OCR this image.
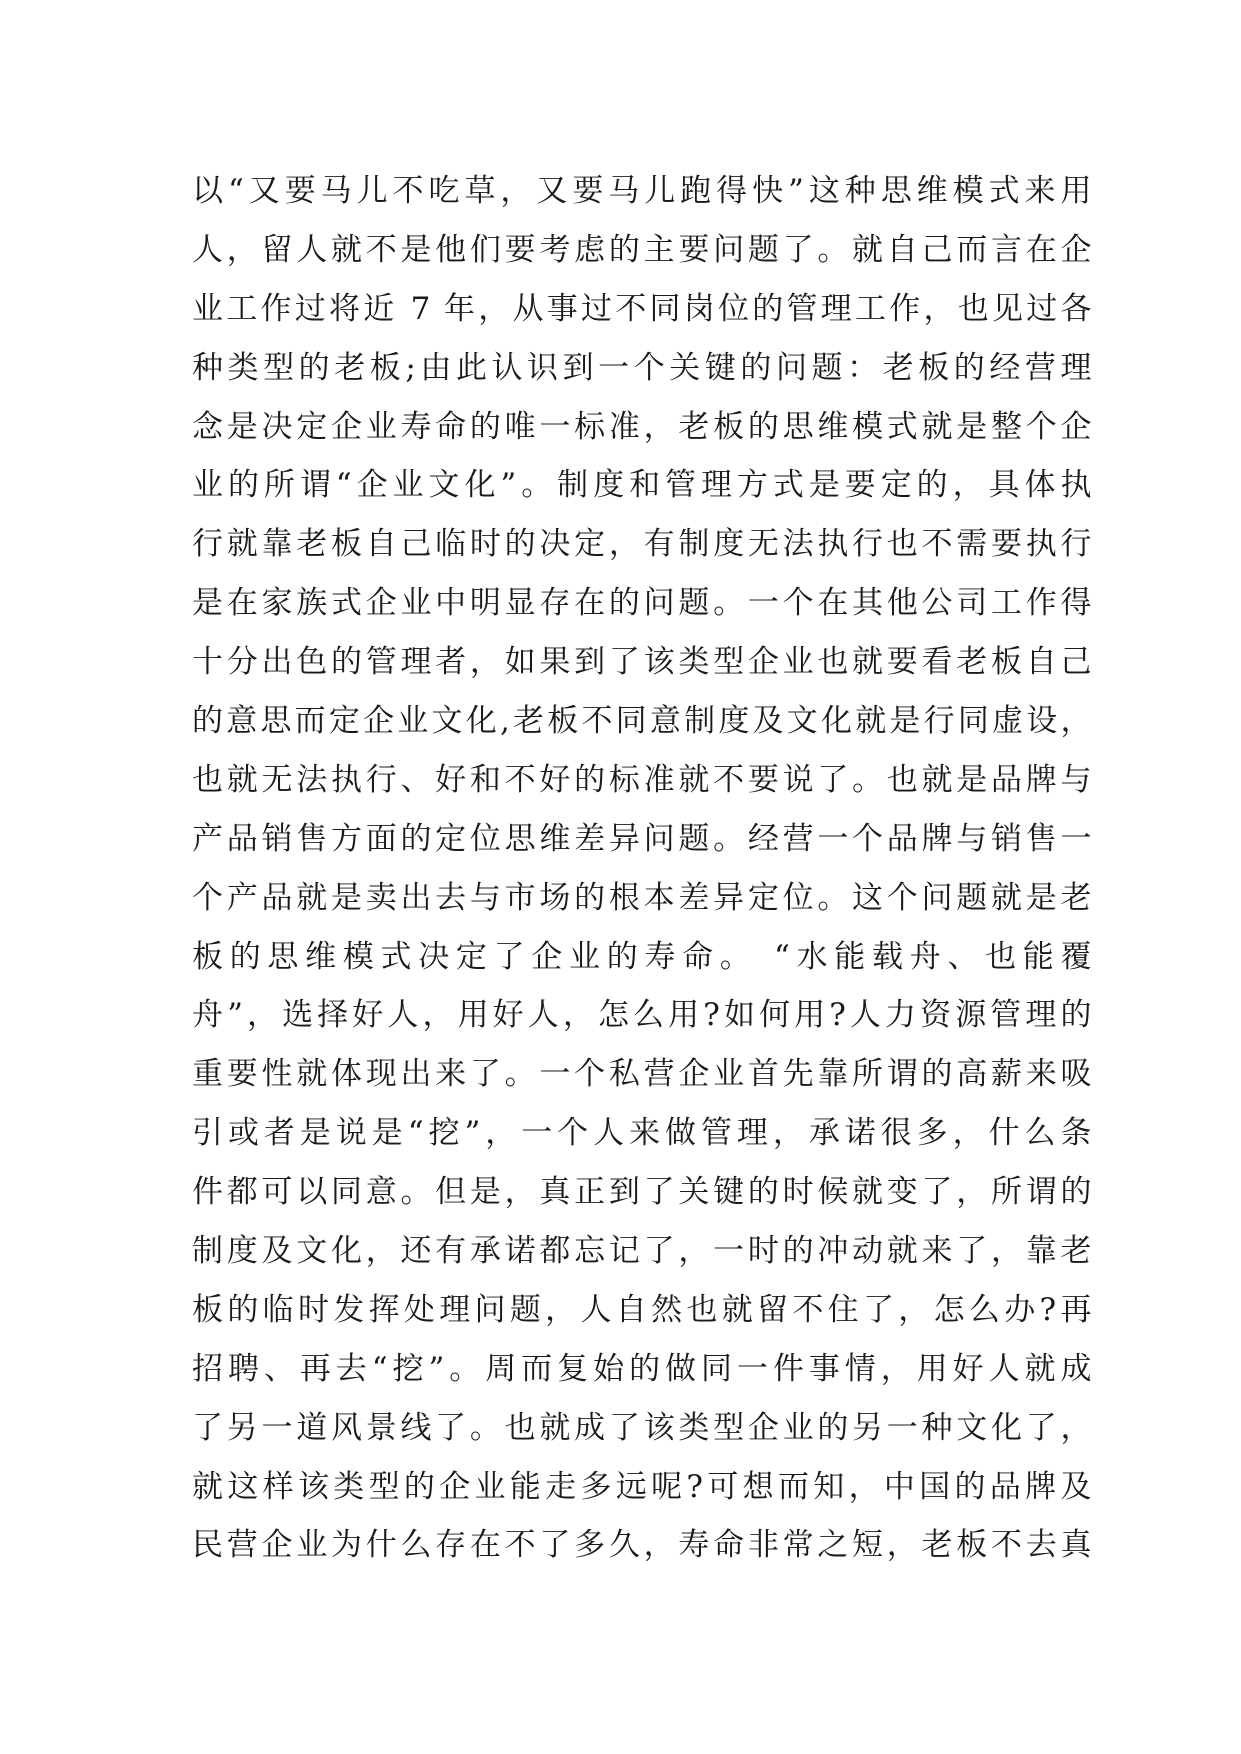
以“又要马儿不吃草，又要马儿跑得快”这种思维模式来用
人，留人就不是他们要考虑的主要问题了。就自己而言在企
业工作过将近 7 年，从事过不同岗位的管理工作，也见过各
种类型的老板;由此认识到一个关键的问题：老板的经营理
念是决定企业寿命的唯一标准，老板的思维模式就是整个企
业的所谓“企业文化”。制度和管理方式是要定的，具体执
行就靠老板自己临时的决定，有制度无法执行也不需要执行
是在家族式企业中明显存在的问题。一个在其他公司工作得
十分出色的管理者，如果到了该类型企业也就要看老板自己
的意思而定企业文化,老板不同意制度及文化就是行同虚设，
也就无法执行、好和不好的标准就不要说了。也就是品牌与
产品销售方面的定位思维差异问题。经营一个品牌与销售一
个产品就是卖出去与市场的根本差异定位。这个问题就是老
板的思维模式决定了企业的寿命。 “水能载舟、也能覆
舟”，选择好人，用好人，怎么用?如何用?人力资源管理的
重要性就体现出来了。一个私营企业首先靠所谓的高薪来吸
引或者是说是“挖”，一个人来做管理，承诺很多，什么条
件都可以同意。但是，真正到了关键的时候就变了，所谓的
制度及文化，还有承诺都忘记了，一时的冲动就来了，靠老
板的临时发挥处理问题，人自然也就留不住了，怎么办?再
招聘、再去“挖”。周而复始的做同一件事情，用好人就成
了另一道风景线了。也就成了该类型企业的另一种文化了，
就这样该类型的企业能走多远呢?可想而知，中国的品牌及
民营企业为什么存在不了多久，寿命非常之短，老板不去真
